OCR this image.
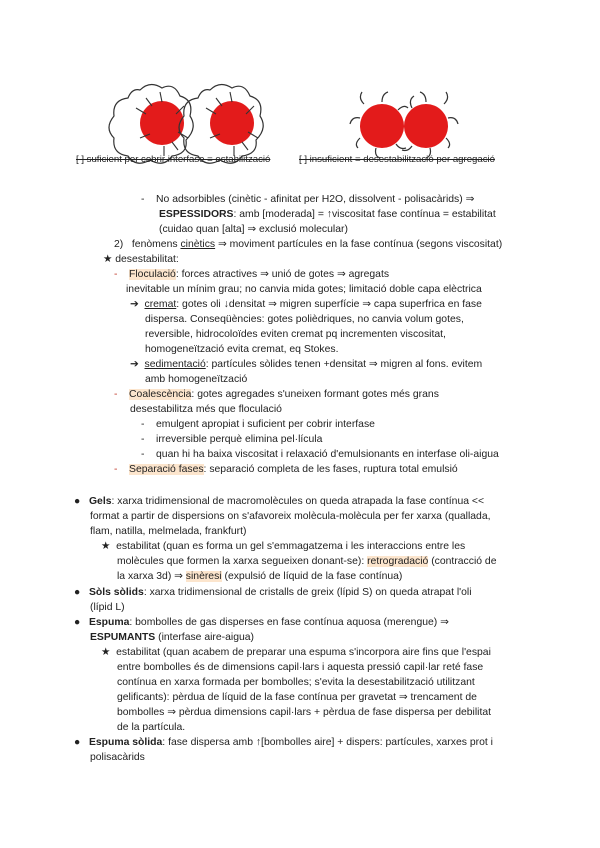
[ ] suficient per cobrir interfase = estabilització	[ ] insuficient = desestabilització per agregació
- No adsorbibles (cinètic - afinitat per H2O, dissolvent - polisacàrids) ⇒
ESPESSIDORS: amb [moderada] = ↑viscositat fase contínua = estabilitat
(cuidao quan [alta] ⇒ exclusió molecular)
2) fenòmens cinètics ⇒ moviment partícules en la fase contínua (segons viscositat)
★ desestabilitat:
- Floculació: forces atractives ⇒ unió de gotes ⇒ agregats
inevitable un mínim grau; no canvia mida gotes; limitació doble capa elèctrica
➔ cremat: gotes oli ↓densitat ⇒ migren superfície ⇒ capa superfrica en fase
dispersa. Conseqüències: gotes polièdriques, no canvia volum gotes,
reversible, hidrocoloïdes eviten cremat pq incrementen viscositat,
homogeneïtzació evita cremat, eq Stokes.
➔ sedimentació: partícules sòlides tenen +densitat ⇒ migren al fons. evitem
amb homogeneïtzació
- Coalescència: gotes agregades s'uneixen formant gotes més grans
desestabilitza més que floculació
- emulgent apropiat i suficient per cobrir interfase
- irreversible perquè elimina pel·lícula
- quan hi ha baixa viscositat i relaxació d'emulsionants en interfase oli-aigua
- Separació fases: separació completa de les fases, ruptura total emulsió
● Gels: xarxa tridimensional de macromolècules on queda atrapada la fase contínua <<
format a partir de dispersions on s'afavoreix molècula-molècula per fer xarxa (quallada,
flam, natilla, melmelada, frankfurt)
★ estabilitat (quan es forma un gel s'emmagatzema i les interaccions entre les
molècules que formen la xarxa segueixen donant-se): retrogradació (contracció de
la xarxa 3d) ⇒ sinèresi (expulsió de líquid de la fase contínua)
● Sòls sòlids: xarxa tridimensional de cristalls de greix (lípid S) on queda atrapat l'oli
(lípid L)
● Espuma: bombolles de gas disperses en fase contínua aquosa (merengue) ⇒
ESPUMANTS (interfase aire-aigua)
★ estabilitat (quan acabem de preparar una espuma s'incorpora aire fins que l'espai
entre bombolles és de dimensions capil·lars i aquesta pressió capil·lar reté fase
contínua en xarxa formada per bombolles; s'evita la desestabilització utilitzant
gelificants): pèrdua de líquid de la fase contínua per gravetat ⇒ trencament de
bombolles ⇒ pèrdua dimensions capil·lars + pèrdua de fase dispersa per debilitat
de la partícula.
● Espuma sòlida: fase dispersa amb ↑[bombolles aire] + dispers: partícules, xarxes prot i
polisacàrids
